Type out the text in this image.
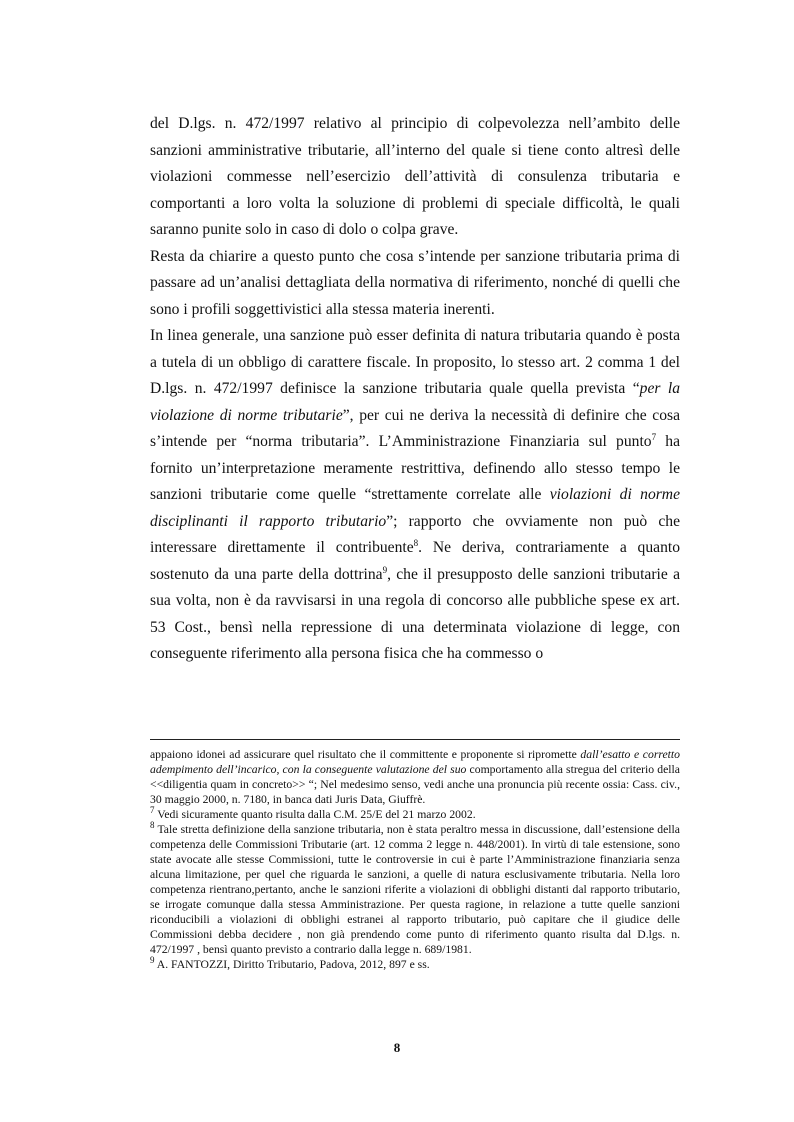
del D.lgs. n. 472/1997 relativo al principio di colpevolezza nell’ambito delle sanzioni amministrative tributarie, all’interno del quale si tiene conto altresì delle violazioni commesse nell’esercizio dell’attività di consulenza tributaria e comportanti a loro volta la soluzione di problemi di speciale difficoltà, le quali saranno punite solo in caso di dolo o colpa grave.

Resta da chiarire a questo punto che cosa s’intende per sanzione tributaria prima di passare ad un’analisi dettagliata della normativa di riferimento, nonché di quelli che sono i profili soggettivistici alla stessa materia inerenti.

In linea generale, una sanzione può esser definita di natura tributaria quando è posta a tutela di un obbligo di carattere fiscale. In proposito, lo stesso art. 2 comma 1 del D.lgs. n. 472/1997 definisce la sanzione tributaria quale quella prevista “per la violazione di norme tributarie”, per cui ne deriva la necessità di definire che cosa s’intende per “norma tributaria”. L’Amministrazione Finanziaria sul punto$^7$ ha fornito un’interpretazione meramente restrittiva, definendo allo stesso tempo le sanzioni tributarie come quelle “strettamente correlate alle violazioni di norme disciplinanti il rapporto tributario”; rapporto che ovviamente non può che interessare direttamente il contribuente$^8$. Ne deriva, contrariamente a quanto sostenuto da una parte della dottrina$^9$, che il presupposto delle sanzioni tributarie a sua volta, non è da ravvisarsi in una regola di concorso alle pubbliche spese ex art. 53 Cost., bensì nella repressione di una determinata violazione di legge, con conseguente riferimento alla persona fisica che ha commesso o

appaiono idonei ad assicurare quel risultato che il committente e proponente si ripromette dall’esatto e corretto adempimento dell’incarico, con la conseguente valutazione del suo comportamento alla stregua del criterio della <<diligentia quam in concreto>> “; Nel medesimo senso, vedi anche una pronuncia più recente ossia: Cass. civ., 30 maggio 2000, n. 7180, in banca dati Juris Data, Giuffrè.

$^7$ Vedi sicuramente quanto risulta dalla C.M. 25/E del 21 marzo 2002.

$^8$ Tale stretta definizione della sanzione tributaria, non è stata peraltro messa in discussione, dall’estensione della competenza delle Commissioni Tributarie (art. 12 comma 2 legge n. 448/2001). In virtù di tale estensione, sono state avocate alle stesse Commissioni, tutte le controversie in cui è parte l’Amministrazione finanziaria senza alcuna limitazione, per quel che riguarda le sanzioni, a quelle di natura esclusivamente tributaria. Nella loro competenza rientrano,pertanto, anche le sanzioni riferite a violazioni di obblighi distanti dal rapporto tributario, se irrogate comunque dalla stessa Amministrazione. Per questa ragione, in relazione a tutte quelle sanzioni riconducibili a violazioni di obblighi estranei al rapporto tributario, può capitare che il giudice delle Commissioni debba decidere , non già prendendo come punto di riferimento quanto risulta dal D.lgs. n. 472/1997 , bensì quanto previsto a contrario dalla legge n. 689/1981.

$^9$ A. FANTOZZI, Diritto Tributario, Padova, 2012, 897 e ss.

8
